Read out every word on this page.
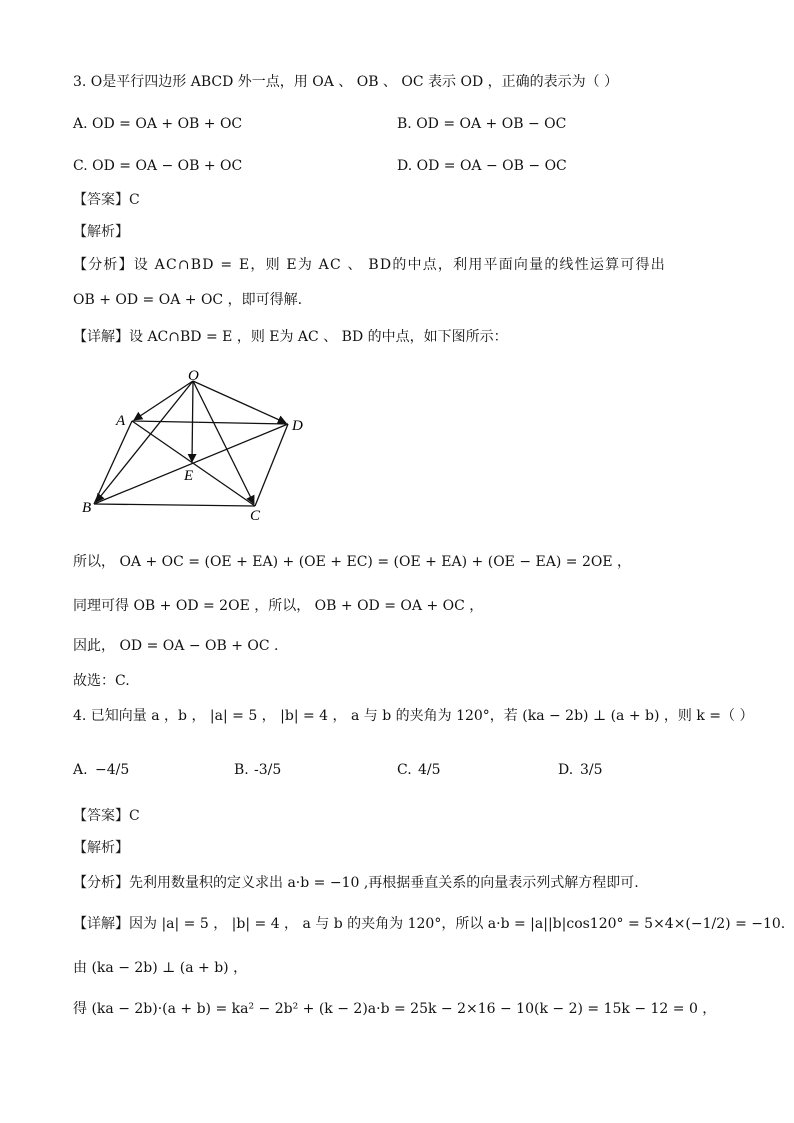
3. O是平行四边形 ABCD 外一点，用 OA 、 OB 、 OC 表示 OD ，正确的表示为（ ）
A. OD = OA + OB + OC	B. OD = OA + OB − OC
C. OD = OA − OB + OC	D. OD = OA − OB − OC
【答案】C
【解析】
【分析】设 AC∩BD = E，则 E为 AC 、 BD的中点，利用平面向量的线性运算可得出
OB + OD = OA + OC ，即可得解.
【详解】设 AC∩BD = E ，则 E为 AC 、 BD 的中点，如下图所示：
O
A	D
E
B	C
所以， OA + OC = (OE + EA) + (OE + EC) = (OE + EA) + (OE − EA) = 2OE ，
同理可得 OB + OD = 2OE ，所以， OB + OD = OA + OC ，
因此， OD = OA − OB + OC .
故选：C.
4. 已知向量 a ，b ， |a| = 5 ， |b| = 4 ， a 与 b 的夹角为 120°，若 (ka − 2b) ⊥ (a + b) ，则 k =（ ）
A. −4/5	B. -3/5	C. 4/5	D. 3/5
【答案】C
【解析】
【分析】先利用数量积的定义求出 a·b = −10 ,再根据垂直关系的向量表示列式解方程即可.
【详解】因为 |a| = 5 ， |b| = 4 ， a 与 b 的夹角为 120°，所以 a·b = |a||b|cos120° = 5×4×(−1/2) = −10.
由 (ka − 2b) ⊥ (a + b) ，
得 (ka − 2b)·(a + b) = ka² − 2b² + (k − 2)a·b = 25k − 2×16 − 10(k − 2) = 15k − 12 = 0 ，
